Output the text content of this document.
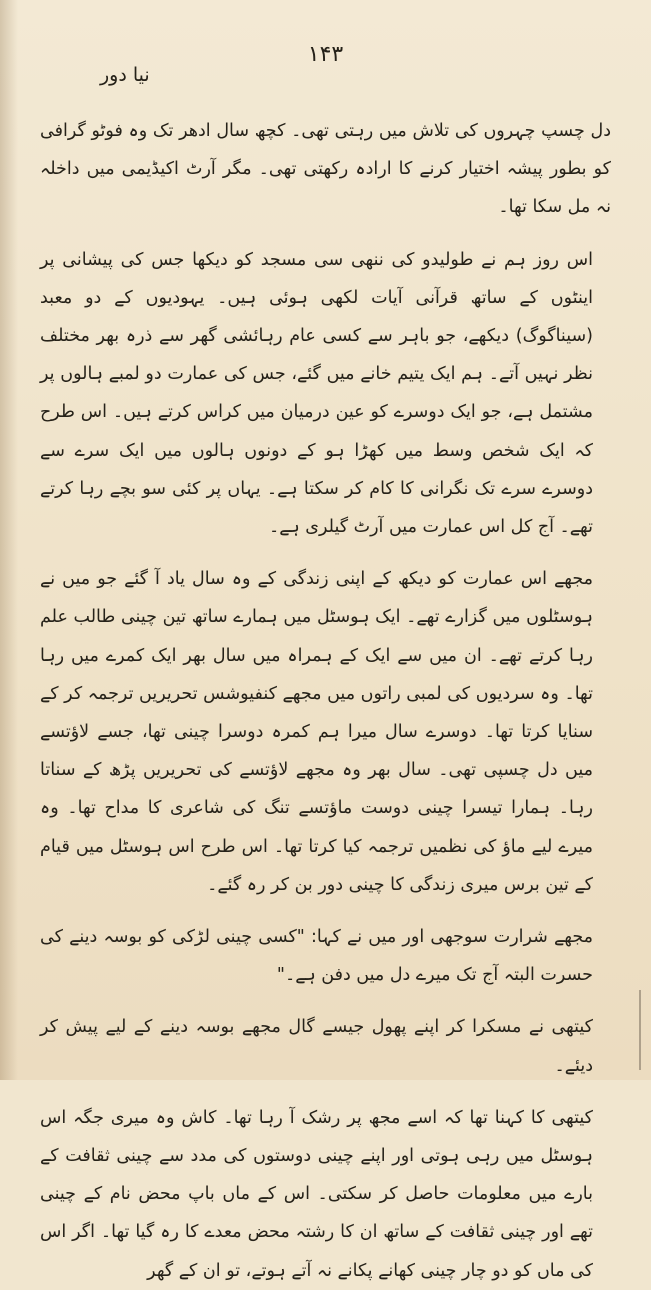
۱۴۳
نیا دور

دل چسپ چہروں کی تلاش میں رہتی تھی۔ کچھ سال ادھر تک وہ فوٹو گرافی کو بطور پیشہ اختیار کرنے کا ارادہ رکھتی تھی۔ مگر آرٹ اکیڈیمی میں داخلہ نہ مل سکا تھا۔

اس روز ہم نے طولیدو کی ننھی سی مسجد کو دیکھا جس کی پیشانی پر اینٹوں کے ساتھ قرآنی آیات لکھی ہوئی ہیں۔ یہودیوں کے دو معبد (سیناگوگ) دیکھے، جو باہر سے کسی عام رہائشی گھر سے ذرہ بھر مختلف نظر نہیں آتے۔ ہم ایک یتیم خانے میں گئے، جس کی عمارت دو لمبے ہالوں پر مشتمل ہے، جو ایک دوسرے کو عین درمیان میں کراس کرتے ہیں۔ اس طرح کہ ایک شخص وسط میں کھڑا ہو کے دونوں ہالوں میں ایک سرے سے دوسرے سرے تک نگرانی کا کام کر سکتا ہے۔ یہاں پر کئی سو بچے رہا کرتے تھے۔ آج کل اس عمارت میں آرٹ گیلری ہے۔

مجھے اس عمارت کو دیکھ کے اپنی زندگی کے وہ سال یاد آ گئے جو میں نے ہوسٹلوں میں گزارے تھے۔ ایک ہوسٹل میں ہمارے ساتھ تین چینی طالب علم رہا کرتے تھے۔ ان میں سے ایک کے ہمراہ میں سال بھر ایک کمرے میں رہا تھا۔ وہ سردیوں کی لمبی راتوں میں مجھے کنفیوشس تحریریں ترجمہ کر کے سنایا کرتا تھا۔ دوسرے سال میرا ہم کمرہ دوسرا چینی تھا، جسے لاؤتسے میں دل چسپی تھی۔ سال بھر وہ مجھے لاؤتسے کی تحریریں پڑھ کے سناتا رہا۔ ہمارا تیسرا چینی دوست ماؤتسے تنگ کی شاعری کا مداح تھا۔ وہ میرے لیے ماؤ کی نظمیں ترجمہ کیا کرتا تھا۔ اس طرح اس ہوسٹل میں قیام کے تین برس میری زندگی کا چینی دور بن کر رہ گئے۔

مجھے شرارت سوجھی اور میں نے کہا: "کسی چینی لڑکی کو بوسہ دینے کی حسرت البتہ آج تک میرے دل میں دفن ہے۔"

کیتھی نے مسکرا کر اپنے پھول جیسے گال مجھے بوسہ دینے کے لیے پیش کر دیئے۔

کیتھی کا کہنا تھا کہ اسے مجھ پر رشک آ رہا تھا۔ کاش وہ میری جگہ اس ہوسٹل میں رہی ہوتی اور اپنے چینی دوستوں کی مدد سے چینی ثقافت کے بارے میں معلومات حاصل کر سکتی۔ اس کے ماں باپ محض نام کے چینی تھے اور چینی ثقافت کے ساتھ ان کا رشتہ محض معدے کا رہ گیا تھا۔ اگر اس کی ماں کو دو چار چینی کھانے پکانے نہ آتے ہوتے، تو ان کے گھر
